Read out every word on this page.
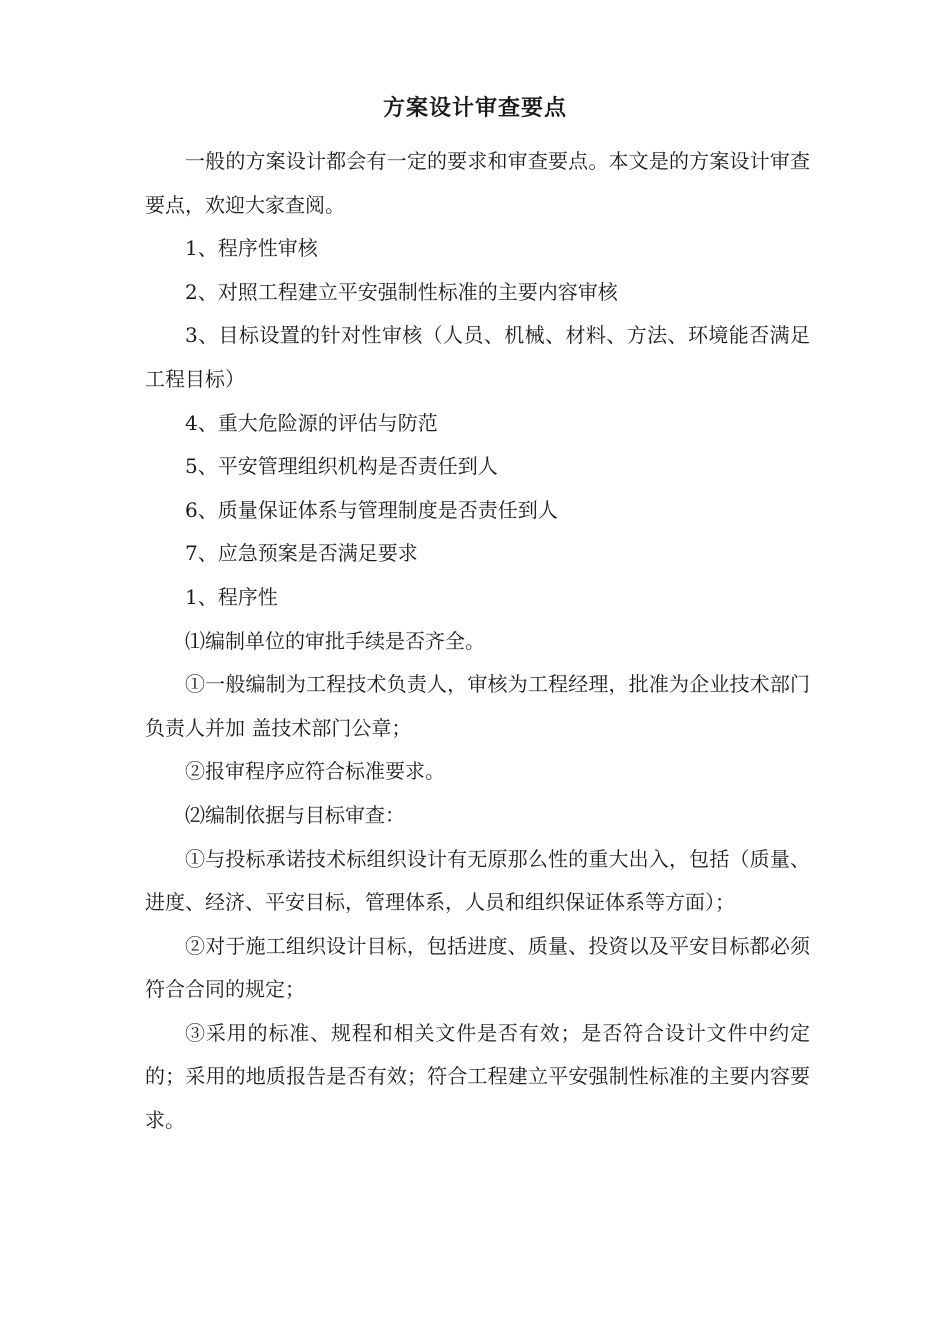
方案设计审查要点

一般的方案设计都会有一定的要求和审查要点。本文是的方案设计审查要点，欢迎大家查阅。

1、程序性审核

2、对照工程建立平安强制性标准的主要内容审核

3、目标设置的针对性审核（人员、机械、材料、方法、环境能否满足工程目标）

4、重大危险源的评估与防范

5、平安管理组织机构是否责任到人

6、质量保证体系与管理制度是否责任到人

7、应急预案是否满足要求

1、程序性

⑴编制单位的审批手续是否齐全。

①一般编制为工程技术负责人，审核为工程经理，批准为企业技术部门负责人并加 盖技术部门公章；

②报审程序应符合标准要求。

⑵编制依据与目标审查：

①与投标承诺技术标组织设计有无原那么性的重大出入，包括（质量、进度、经济、平安目标，管理体系，人员和组织保证体系等方面）；

②对于施工组织设计目标，包括进度、质量、投资以及平安目标都必须符合合同的规定；

③采用的标准、规程和相关文件是否有效；是否符合设计文件中约定的；采用的地质报告是否有效；符合工程建立平安强制性标准的主要内容要求。
